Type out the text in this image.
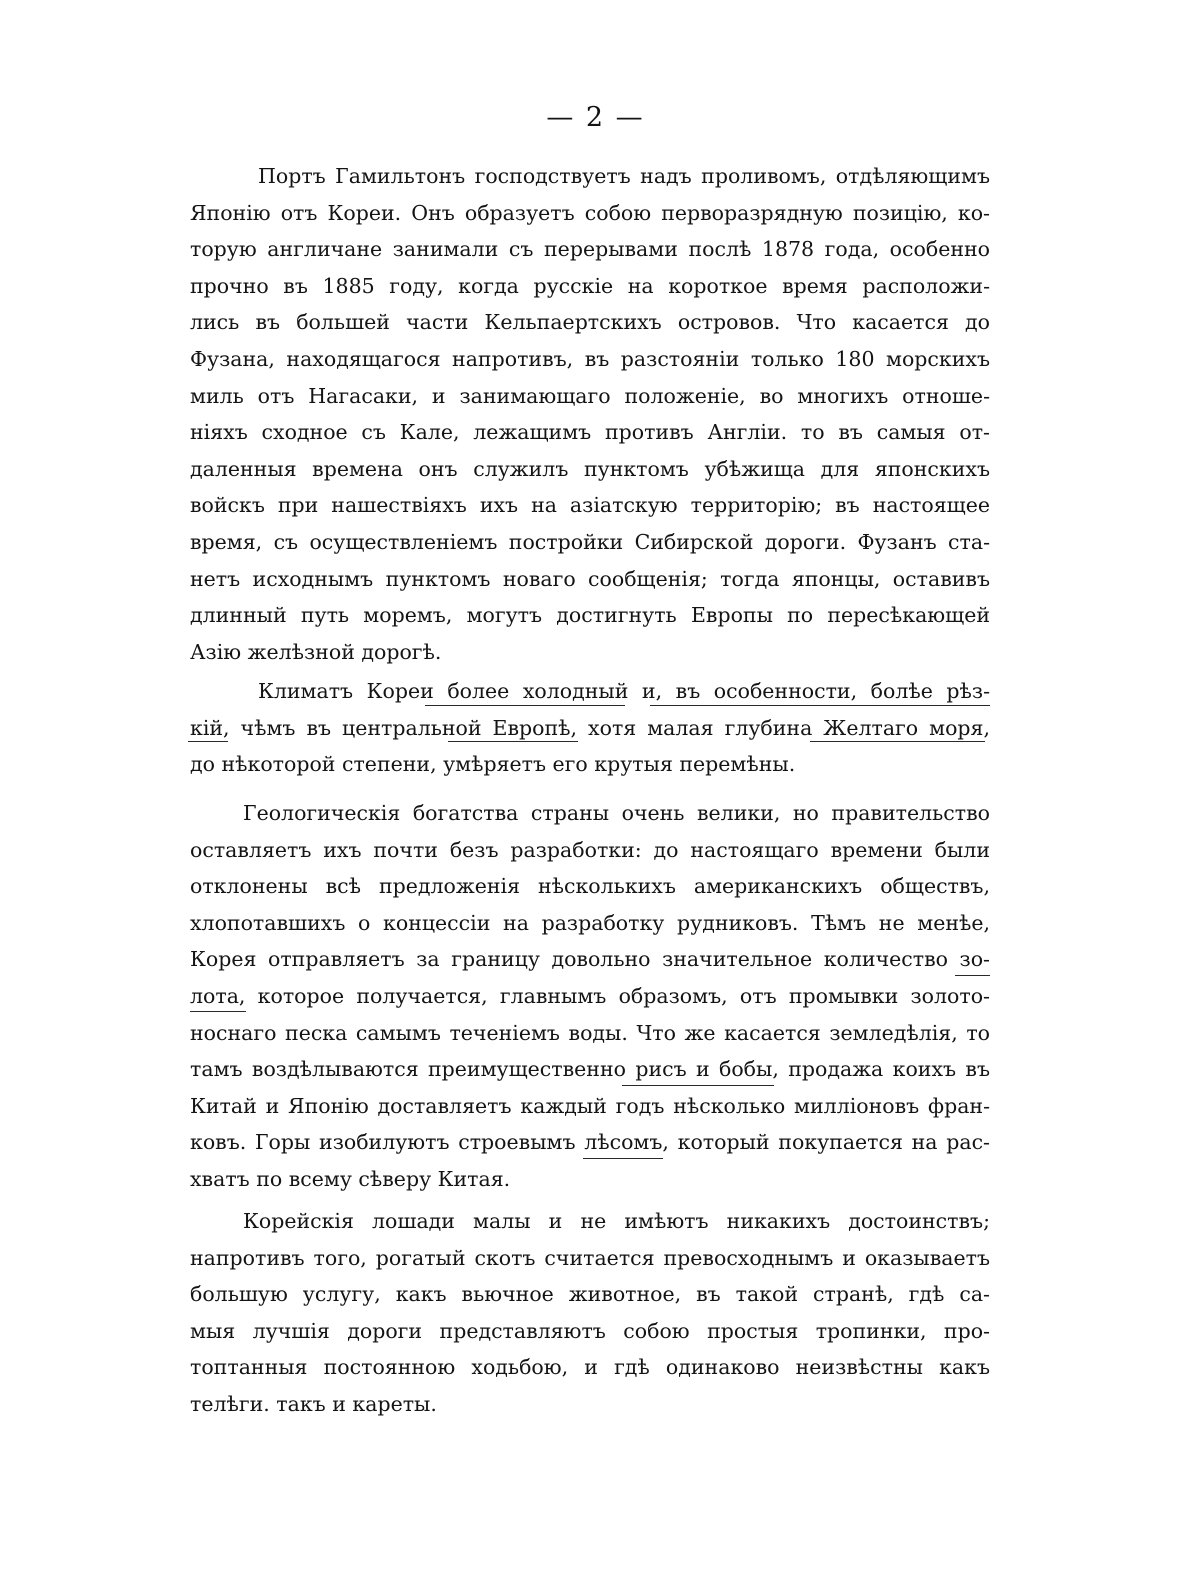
— 2 —
Портъ Гамильтонъ господствуетъ надъ проливомъ, отдѣляющимъ
Японію отъ Кореи. Онъ образуетъ собою перворазрядную позицію, ко-
торую англичане занимали съ перерывами послѣ 1878 года, особенно
прочно въ 1885 году, когда русскіе на короткое время расположи-
лись въ большей части Кельпаертскихъ островов. Что касается до
Фузана, находящагося напротивъ, въ разстояніи только 180 морскихъ
миль отъ Нагасаки, и занимающаго положеніе, во многихъ отноше-
ніяхъ сходное съ Кале, лежащимъ противъ Англіи. то въ самыя от-
даленныя времена онъ служилъ пунктомъ убѣжища для японскихъ
войскъ при нашествіяхъ ихъ на азіатскую территорію; въ настоящее
время, съ осуществленіемъ постройки Сибирской дороги. Фузанъ ста-
нетъ исходнымъ пунктомъ новаго сообщенія; тогда японцы, оставивъ
длинный путь моремъ, могутъ достигнуть Европы по пересѣкающей
Азію желѣзной дорогѣ.
Климатъ Кореи более холодный и, въ особенности, болѣе рѣз-
кій, чѣмъ въ центральной Европѣ, хотя малая глубина Желтаго моря,
до нѣкоторой степени, умѣряетъ его крутыя перемѣны.
Геологическія богатства страны очень велики, но правительство
оставляетъ ихъ почти безъ разработки: до настоящаго времени были
отклонены всѣ предложенія нѣсколькихъ американскихъ обществъ,
хлопотавшихъ о концессіи на разработку рудниковъ. Тѣмъ не менѣе,
Корея отправляетъ за границу довольно значительное количество зо-
лота, которое получается, главнымъ образомъ, отъ промывки золото-
носнаго песка самымъ теченіемъ воды. Что же касается земледѣлія, то
тамъ воздѣлываются преимущественно рисъ и бобы, продажа коихъ въ
Китай и Японію доставляетъ каждый годъ нѣсколько милліоновъ фран-
ковъ. Горы изобилуютъ строевымъ лѣсомъ, который покупается на рас-
хватъ по всему сѣверу Китая.
Корейскія лошади малы и не имѣютъ никакихъ достоинствъ;
напротивъ того, рогатый скотъ считается превосходнымъ и оказываетъ
большую услугу, какъ вьючное животное, въ такой странѣ, гдѣ са-
мыя лучшія дороги представляютъ собою простыя тропинки, про-
топтанныя постоянною ходьбою, и гдѣ одинаково неизвѣстны какъ
телѣги. такъ и кареты.
